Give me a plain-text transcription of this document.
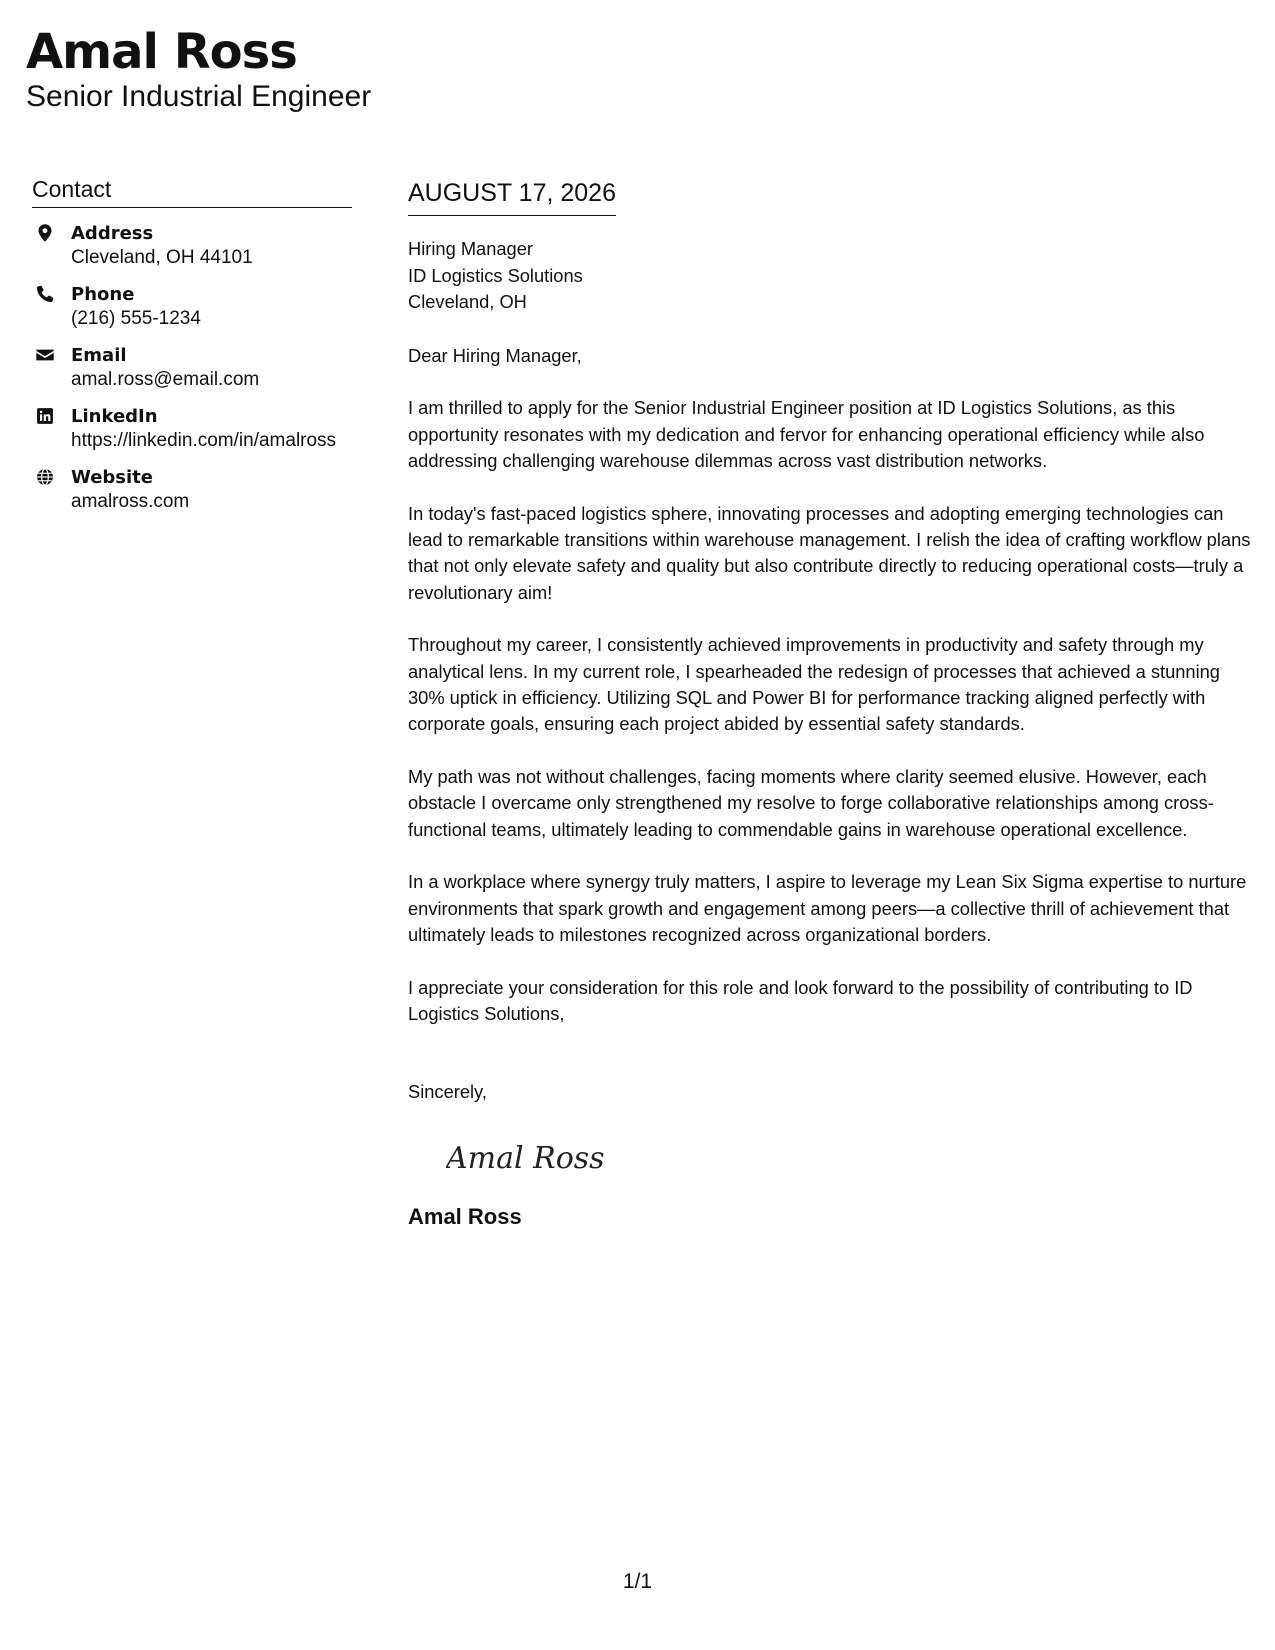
Amal Ross
Senior Industrial Engineer
Contact
Address
Cleveland, OH 44101
Phone
(216) 555-1234
Email
amal.ross@email.com
LinkedIn
https://linkedin.com/in/amalross
Website
amalross.com
AUGUST 17, 2026
Hiring Manager
ID Logistics Solutions
Cleveland, OH

Dear Hiring Manager,

I am thrilled to apply for the Senior Industrial Engineer position at ID Logistics Solutions, as this opportunity resonates with my dedication and fervor for enhancing operational efficiency while also addressing challenging warehouse dilemmas across vast distribution networks.

In today's fast-paced logistics sphere, innovating processes and adopting emerging technologies can lead to remarkable transitions within warehouse management. I relish the idea of crafting workflow plans that not only elevate safety and quality but also contribute directly to reducing operational costs—truly a revolutionary aim!

Throughout my career, I consistently achieved improvements in productivity and safety through my analytical lens. In my current role, I spearheaded the redesign of processes that achieved a stunning 30% uptick in efficiency. Utilizing SQL and Power BI for performance tracking aligned perfectly with corporate goals, ensuring each project abided by essential safety standards.

My path was not without challenges, facing moments where clarity seemed elusive. However, each obstacle I overcame only strengthened my resolve to forge collaborative relationships among cross-functional teams, ultimately leading to commendable gains in warehouse operational excellence.

In a workplace where synergy truly matters, I aspire to leverage my Lean Six Sigma expertise to nurture environments that spark growth and engagement among peers—a collective thrill of achievement that ultimately leads to milestones recognized across organizational borders.

I appreciate your consideration for this role and look forward to the possibility of contributing to ID Logistics Solutions,

Sincerely,
Amal Ross
Amal Ross
1/1
